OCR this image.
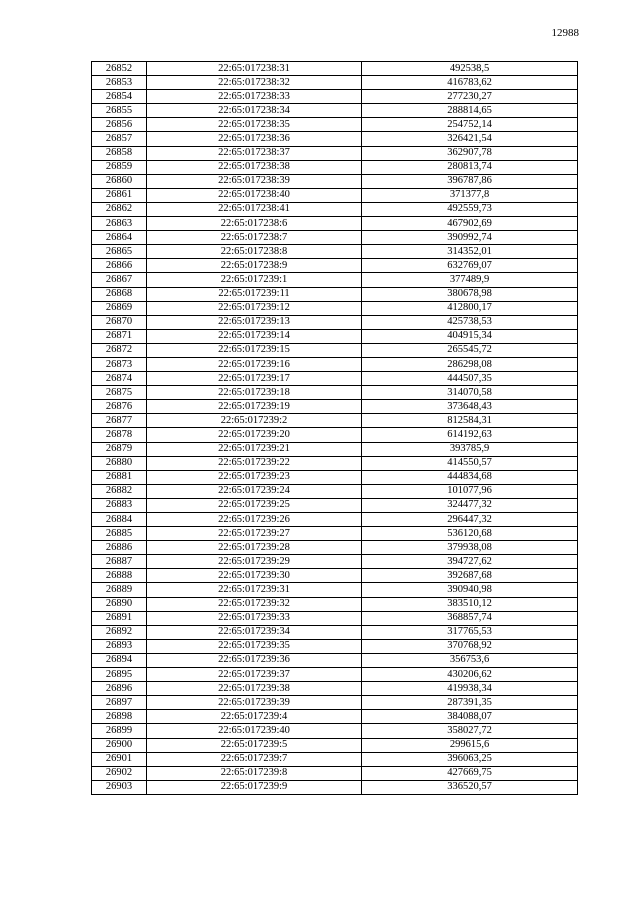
12988
26852	22:65:017238:31	492538,5
26853	22:65:017238:32	416783,62
26854	22:65:017238:33	277230,27
26855	22:65:017238:34	288814,65
26856	22:65:017238:35	254752,14
26857	22:65:017238:36	326421,54
26858	22:65:017238:37	362907,78
26859	22:65:017238:38	280813,74
26860	22:65:017238:39	396787,86
26861	22:65:017238:40	371377,8
26862	22:65:017238:41	492559,73
26863	22:65:017238:6	467902,69
26864	22:65:017238:7	390992,74
26865	22:65:017238:8	314352,01
26866	22:65:017238:9	632769,07
26867	22:65:017239:1	377489,9
26868	22:65:017239:11	380678,98
26869	22:65:017239:12	412800,17
26870	22:65:017239:13	425738,53
26871	22:65:017239:14	404915,34
26872	22:65:017239:15	265545,72
26873	22:65:017239:16	286298,08
26874	22:65:017239:17	444507,35
26875	22:65:017239:18	314070,58
26876	22:65:017239:19	373648,43
26877	22:65:017239:2	812584,31
26878	22:65:017239:20	614192,63
26879	22:65:017239:21	393785,9
26880	22:65:017239:22	414550,57
26881	22:65:017239:23	444834,68
26882	22:65:017239:24	101077,96
26883	22:65:017239:25	324477,32
26884	22:65:017239:26	296447,32
26885	22:65:017239:27	536120,68
26886	22:65:017239:28	379938,08
26887	22:65:017239:29	394727,62
26888	22:65:017239:30	392687,68
26889	22:65:017239:31	390940,98
26890	22:65:017239:32	383510,12
26891	22:65:017239:33	368857,74
26892	22:65:017239:34	317765,53
26893	22:65:017239:35	370768,92
26894	22:65:017239:36	356753,6
26895	22:65:017239:37	430206,62
26896	22:65:017239:38	419938,34
26897	22:65:017239:39	287391,35
26898	22:65:017239:4	384088,07
26899	22:65:017239:40	358027,72
26900	22:65:017239:5	299615,6
26901	22:65:017239:7	396063,25
26902	22:65:017239:8	427669,75
26903	22:65:017239:9	336520,57
